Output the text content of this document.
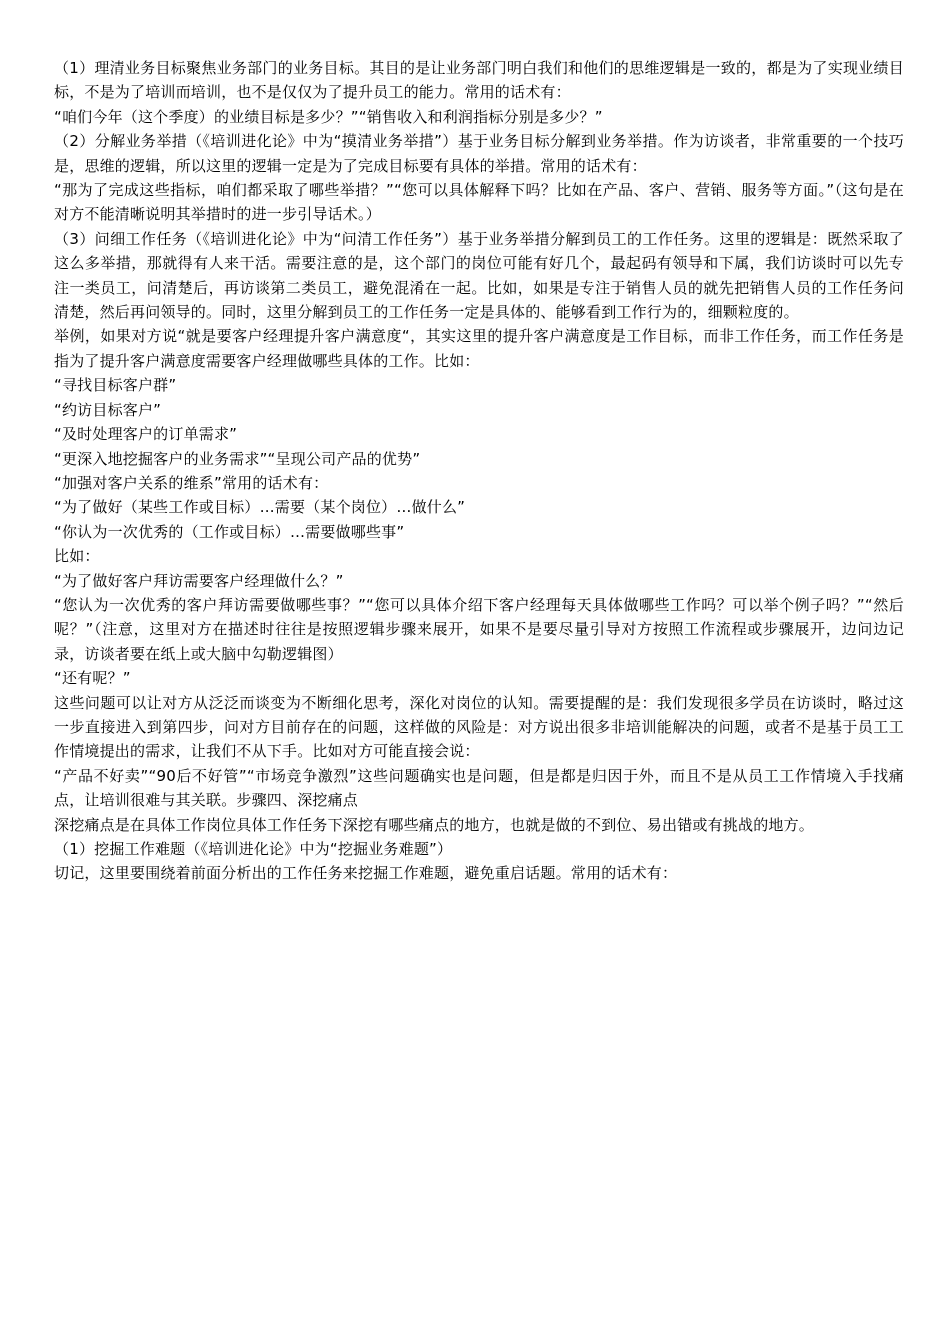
（1）理清业务目标聚焦业务部门的业务目标。其目的是让业务部门明白我们和他们的思维逻辑是一致的，都是为了实现业绩目标，不是为了培训而培训，也不是仅仅为了提升员工的能力。常用的话术有：

“咱们今年（这个季度）的业绩目标是多少？”“销售收入和利润指标分别是多少？”

（2）分解业务举措（《培训进化论》中为“摸清业务举措”）基于业务目标分解到业务举措。作为访谈者，非常重要的一个技巧是，思维的逻辑，所以这里的逻辑一定是为了完成目标要有具体的举措。常用的话术有：

“那为了完成这些指标，咱们都采取了哪些举措？”“您可以具体解释下吗？比如在产品、客户、营销、服务等方面。”（这句是在对方不能清晰说明其举措时的进一步引导话术。）

（3）问细工作任务（《培训进化论》中为“问清工作任务”）基于业务举措分解到员工的工作任务。这里的逻辑是：既然采取了这么多举措，那就得有人来干活。需要注意的是，这个部门的岗位可能有好几个，最起码有领导和下属，我们访谈时可以先专注一类员工，问清楚后，再访谈第二类员工，避免混淆在一起。比如，如果是专注于销售人员的就先把销售人员的工作任务问清楚，然后再问领导的。同时，这里分解到员工的工作任务一定是具体的、能够看到工作行为的，细颗粒度的。

举例，如果对方说“就是要客户经理提升客户满意度“，其实这里的提升客户满意度是工作目标，而非工作任务，而工作任务是指为了提升客户满意度需要客户经理做哪些具体的工作。比如：

“寻找目标客户群”

“约访目标客户”

“及时处理客户的订单需求”

“更深入地挖掘客户的业务需求”“呈现公司产品的优势”

“加强对客户关系的维系”常用的话术有：

“为了做好（某些工作或目标）…需要（某个岗位）…做什么”

“你认为一次优秀的（工作或目标）…需要做哪些事”

比如：

“为了做好客户拜访需要客户经理做什么？”

“您认为一次优秀的客户拜访需要做哪些事？”“您可以具体介绍下客户经理每天具体做哪些工作吗？可以举个例子吗？”“然后呢？”（注意，这里对方在描述时往往是按照逻辑步骤来展开，如果不是要尽量引导对方按照工作流程或步骤展开，边问边记录，访谈者要在纸上或大脑中勾勒逻辑图）

“还有呢？”

这些问题可以让对方从泛泛而谈变为不断细化思考，深化对岗位的认知。需要提醒的是：我们发现很多学员在访谈时，略过这一步直接进入到第四步，问对方目前存在的问题，这样做的风险是：对方说出很多非培训能解决的问题，或者不是基于员工工作情境提出的需求，让我们不从下手。比如对方可能直接会说：

“产品不好卖”“90后不好管”“市场竞争激烈”这些问题确实也是问题，但是都是归因于外，而且不是从员工工作情境入手找痛点，让培训很难与其关联。步骤四、深挖痛点

深挖痛点是在具体工作岗位具体工作任务下深挖有哪些痛点的地方，也就是做的不到位、易出错或有挑战的地方。

（1）挖掘工作难题（《培训进化论》中为“挖掘业务难题”）

切记，这里要围绕着前面分析出的工作任务来挖掘工作难题，避免重启话题。常用的话术有：
